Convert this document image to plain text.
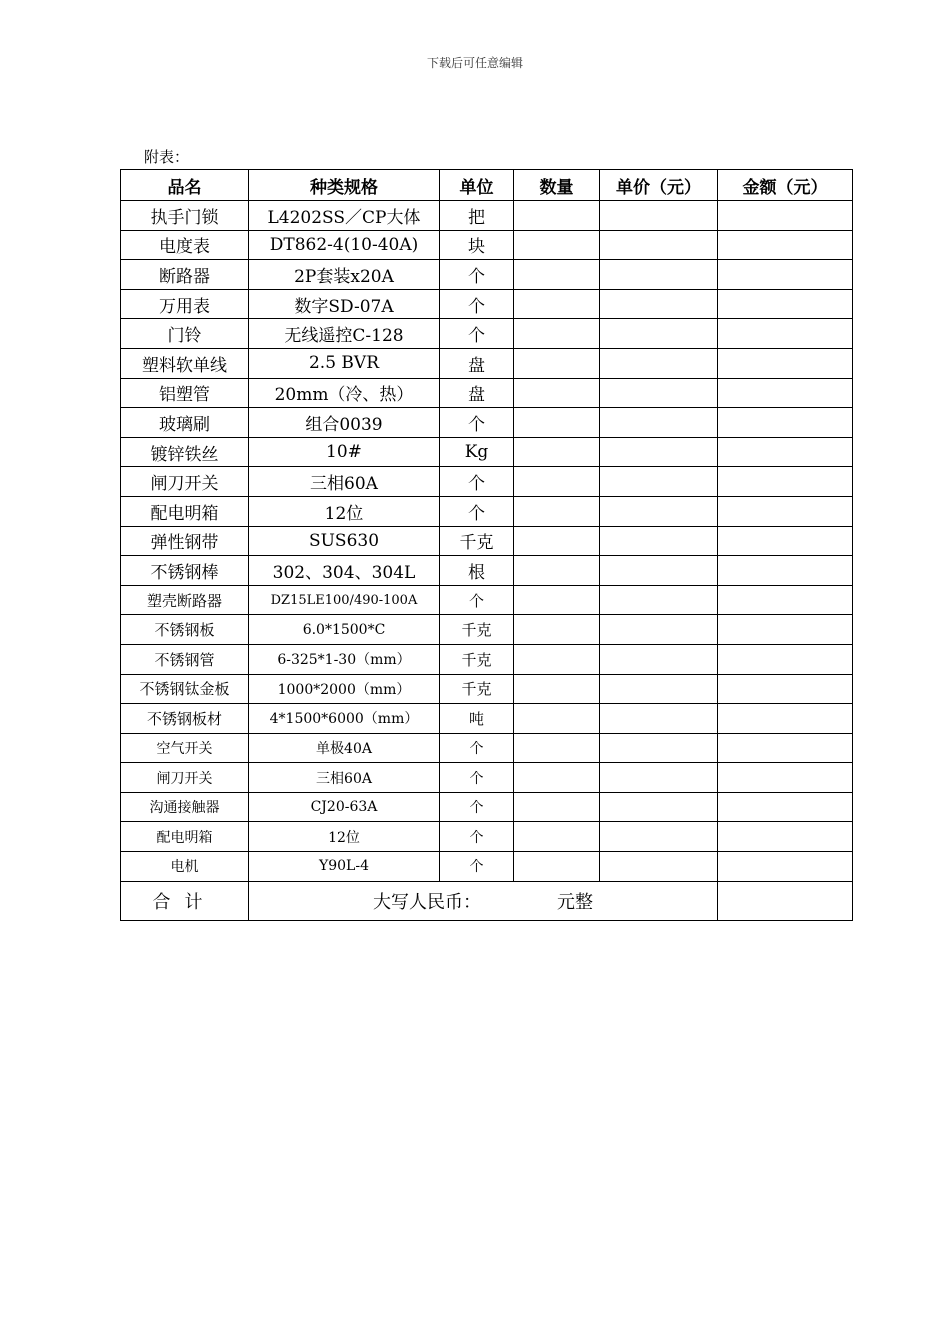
下载后可任意编辑
附表：
品名	种类规格	单位	数量	单价（元）	金额（元）
执手门锁	L4202SS／CP大体	把			
电度表	DT862-4(10-40A)	块			
断路器	2P套装x20A	个			
万用表	数字SD-07A	个			
门铃	无线遥控C-128	个			
塑料软单线	2.5 BVR	盘			
铝塑管	20mm（冷、热）	盘			
玻璃刷	组合0039	个			
镀锌铁丝	10#	Kg			
闸刀开关	三相60A	个			
配电明箱	12位	个			
弹性钢带	SUS630	千克			
不锈钢棒	302、304、304L	根			
塑壳断路器	DZ15LE100/490-100A	个			
不锈钢板	6.0*1500*C	千克			
不锈钢管	6-325*1-30（mm）	千克			
不锈钢钛金板	1000*2000（mm）	千克			
不锈钢板材	4*1500*6000（mm）	吨			
空气开关	单极40A	个			
闸刀开关	三相60A	个			
沟通接触器	CJ20-63A	个			
配电明箱	12位	个			
电机	Y90L-4	个			
合计	大写人民币： 元整				
